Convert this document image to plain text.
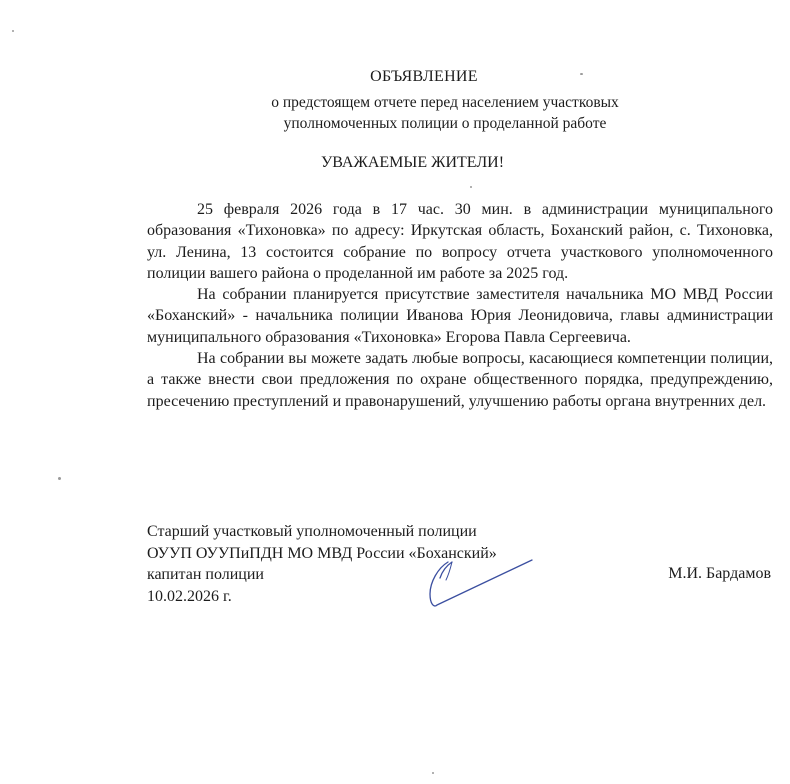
ОБЪЯВЛЕНИЕ
о предстоящем отчете перед населением участковых
уполномоченных полиции о проделанной работе
УВАЖАЕМЫЕ ЖИТЕЛИ!

25 февраля 2026 года в 17 час. 30 мин. в администрации муниципального образования «Тихоновка» по адресу: Иркутская область, Боханский район, с. Тихоновка, ул. Ленина, 13 состоится собрание по вопросу отчета участкового уполномоченного полиции вашего района о проделанной им работе за 2025 год.

На собрании планируется присутствие заместителя начальника МО МВД России «Боханский» - начальника полиции Иванова Юрия Леонидовича, главы администрации муниципального образования «Тихоновка» Егорова Павла Сергеевича.

На собрании вы можете задать любые вопросы, касающиеся компетенции полиции, а также внести свои предложения по охране общественного порядка, предупреждению, пресечению преступлений и правонарушений, улучшению работы органа внутренних дел.

Старший участковый уполномоченный полиции
ОУУП ОУУПиПДН МО МВД России «Боханский»
капитан полиции
10.02.2026 г.
М.И. Бардамов
